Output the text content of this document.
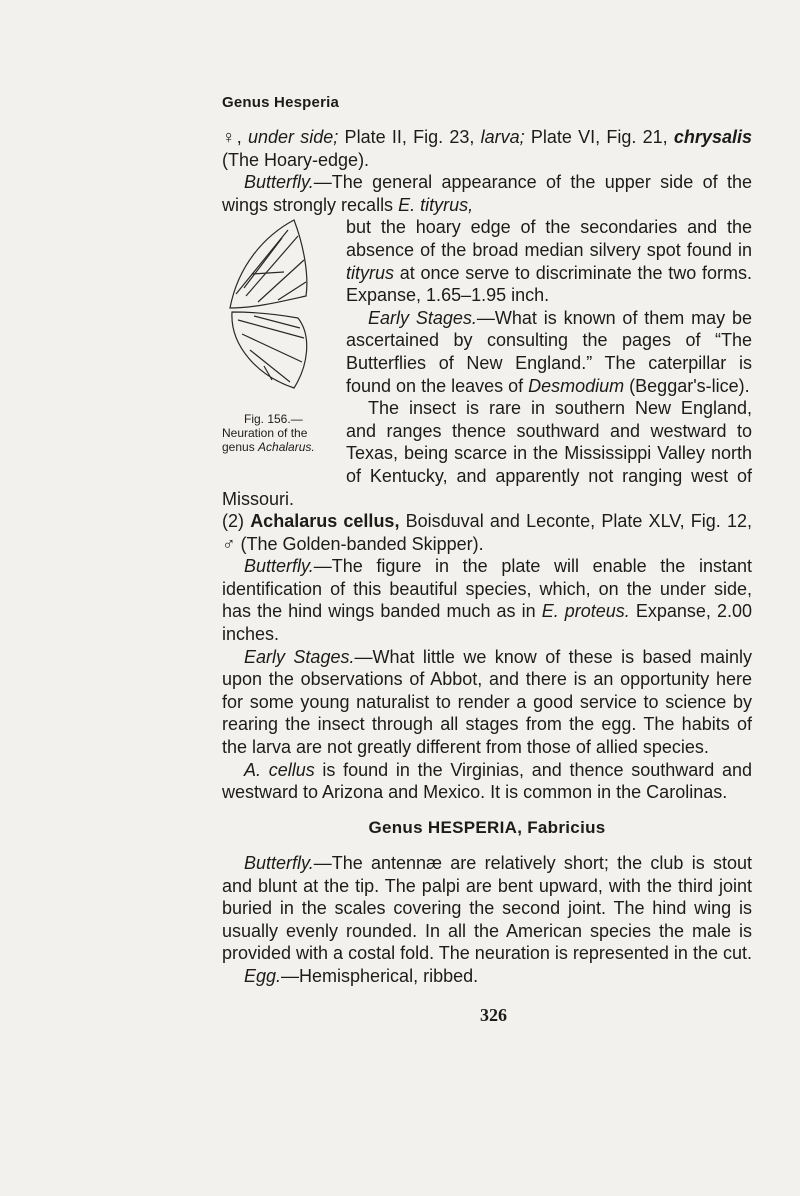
Genus Hesperia

♀, under side; Plate II, Fig. 23, larva; Plate VI, Fig. 21, chrysalis (The Hoary-edge).

Butterfly.—The general appearance of the upper side of the wings strongly recalls E. tityrus,

Fig. 156.—Neuration of the genus Achalarus.
but the hoary edge of the secondaries and the absence of the broad median silvery spot found in tityrus at once serve to discriminate the two forms. Expanse, 1.65–1.95 inch.

Early Stages.—What is known of them may be ascertained by consulting the pages of “The Butterflies of New England.” The caterpillar is found on the leaves of Desmodium (Beggar's-lice).

The insect is rare in southern New England, and ranges thence southward and westward to Texas, being scarce in the Mississippi Valley north of Kentucky, and apparently not ranging west of Missouri.

(2) Achalarus cellus, Boisduval and Leconte, Plate XLV, Fig. 12, ♂ (The Golden-banded Skipper).

Butterfly.—The figure in the plate will enable the instant identification of this beautiful species, which, on the under side, has the hind wings banded much as in E. proteus. Expanse, 2.00 inches.

Early Stages.—What little we know of these is based mainly upon the observations of Abbot, and there is an opportunity here for some young naturalist to render a good service to science by rearing the insect through all stages from the egg. The habits of the larva are not greatly different from those of allied species.

A. cellus is found in the Virginias, and thence southward and westward to Arizona and Mexico. It is common in the Carolinas.

Genus HESPERIA, Fabricius

Butterfly.—The antennæ are relatively short; the club is stout and blunt at the tip. The palpi are bent upward, with the third joint buried in the scales covering the second joint. The hind wing is usually evenly rounded. In all the American species the male is provided with a costal fold. The neuration is represented in the cut.

Egg.—Hemispherical, ribbed.

326
